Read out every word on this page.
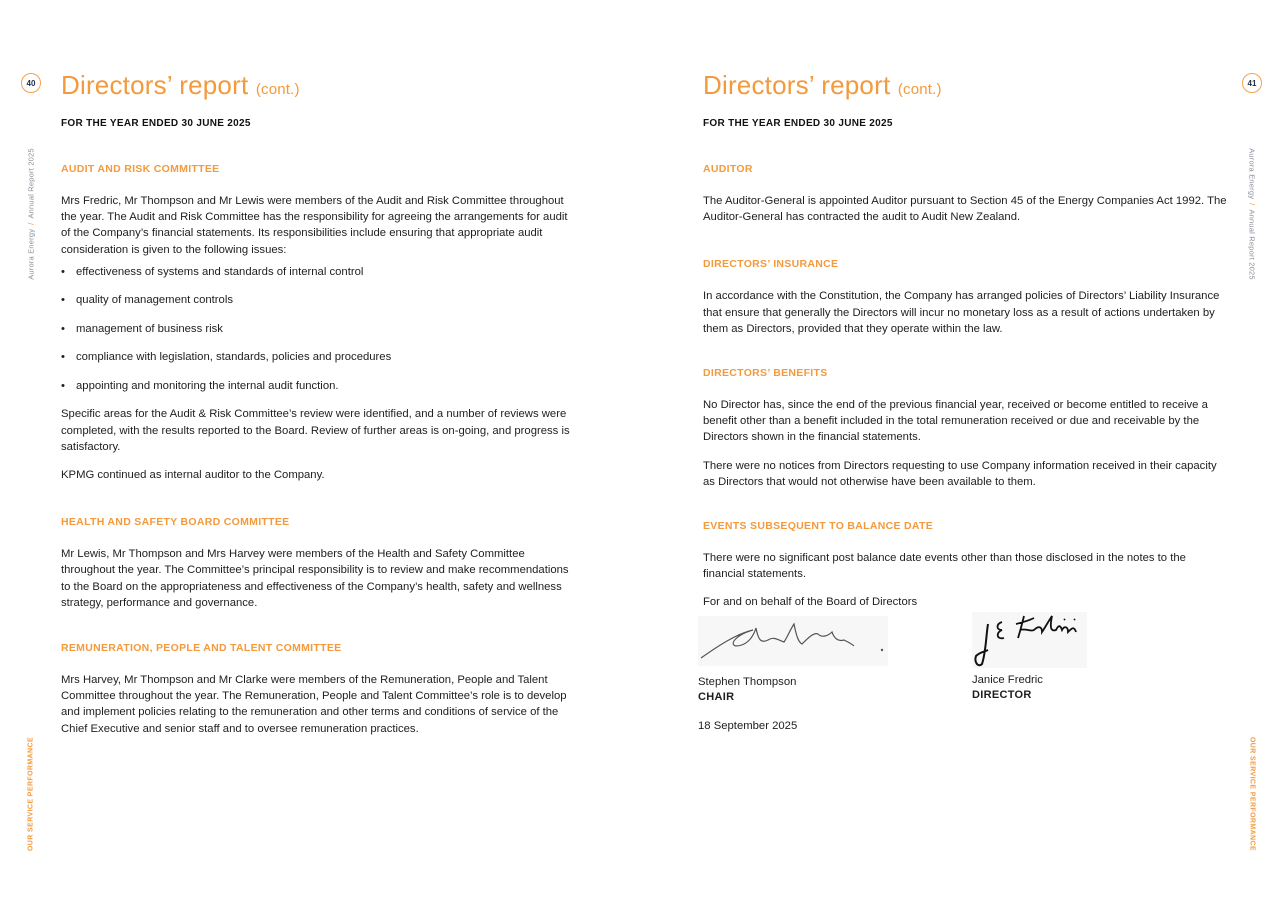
40
Aurora Energy/Annual Report 2025
OUR SERVICE PERFORMANCE
Directors’ report (cont.)
FOR THE YEAR ENDED 30 JUNE 2025
AUDIT AND RISK COMMITTEE

Mrs Fredric, Mr Thompson and Mr Lewis were members of the Audit and Risk Committee throughout the year. The Audit and Risk Committee has the responsibility for agreeing the arrangements for audit of the Company’s financial statements. Its responsibilities include ensuring that appropriate audit consideration is given to the following issues:

• effectiveness of systems and standards of internal control
• quality of management controls
• management of business risk
• compliance with legislation, standards, policies and procedures
• appointing and monitoring the internal audit function.

Specific areas for the Audit & Risk Committee’s review were identified, and a number of reviews were completed, with the results reported to the Board. Review of further areas is on-going, and progress is satisfactory.

KPMG continued as internal auditor to the Company.

HEALTH AND SAFETY BOARD COMMITTEE

Mr Lewis, Mr Thompson and Mrs Harvey were members of the Health and Safety Committee throughout the year. The Committee’s principal responsibility is to review and make recommendations to the Board on the appropriateness and effectiveness of the Company’s health, safety and wellness strategy, performance and governance.

REMUNERATION, PEOPLE AND TALENT COMMITTEE

Mrs Harvey, Mr Thompson and Mr Clarke were members of the Remuneration, People and Talent Committee throughout the year. The Remuneration, People and Talent Committee’s role is to develop and implement policies relating to the remuneration and other terms and conditions of service of the Chief Executive and senior staff and to oversee remuneration practices.

41
Aurora Energy/Annual Report 2025
OUR SERVICE PERFORMANCE
Directors’ report (cont.)
FOR THE YEAR ENDED 30 JUNE 2025
AUDITOR

The Auditor-General is appointed Auditor pursuant to Section 45 of the Energy Companies Act 1992. The Auditor-General has contracted the audit to Audit New Zealand.

DIRECTORS’ INSURANCE

In accordance with the Constitution, the Company has arranged policies of Directors’ Liability Insurance that ensure that generally the Directors will incur no monetary loss as a result of actions undertaken by them as Directors, provided that they operate within the law.

DIRECTORS’ BENEFITS

No Director has, since the end of the previous financial year, received or become entitled to receive a benefit other than a benefit included in the total remuneration received or due and receivable by the Directors shown in the financial statements.

There were no notices from Directors requesting to use Company information received in their capacity as Directors that would not otherwise have been available to them.

EVENTS SUBSEQUENT TO BALANCE DATE

There were no significant post balance date events other than those disclosed in the notes to the financial statements.

For and on behalf of the Board of Directors

Stephen Thompson
CHAIR
18 September 2025
Janice Fredric
DIRECTOR
